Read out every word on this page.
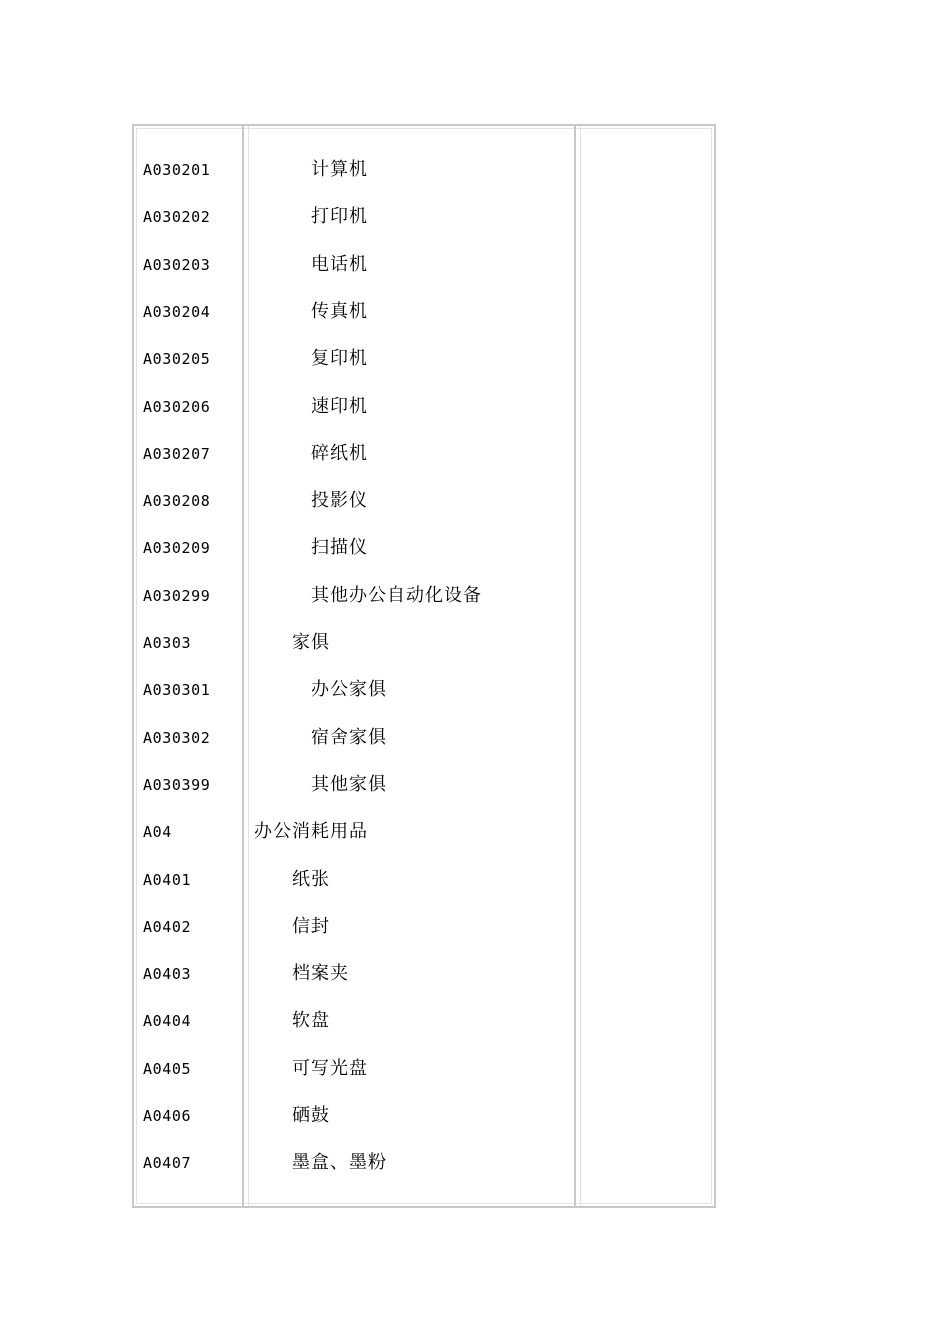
A030201	计算机
A030202	打印机
A030203	电话机
A030204	传真机
A030205	复印机
A030206	速印机
A030207	碎纸机
A030208	投影仪
A030209	扫描仪
A030299	其他办公自动化设备
A0303	家俱
A030301	办公家俱
A030302	宿舍家俱
A030399	其他家俱
A04	办公消耗用品
A0401	纸张
A0402	信封
A0403	档案夹
A0404	软盘
A0405	可写光盘
A0406	硒鼓
A0407	墨盒、墨粉
